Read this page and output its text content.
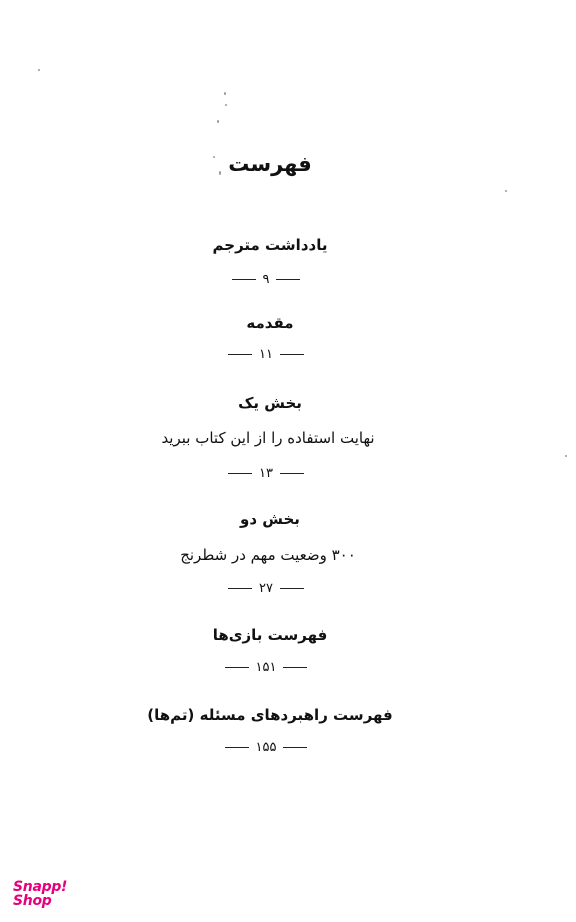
فهرست
یادداشت مترجم
۹
مقدمه
۱۱
بخش یک
نهایت استفاده را از این کتاب ببرید
۱۳
بخش دو
۳۰۰ وضعیت مهم در شطرنج
۲۷
فهرست بازی‌ها
۱۵۱
فهرست راهبردهای مسئله (تم‌ها)
۱۵۵
Snapp!
Shop
